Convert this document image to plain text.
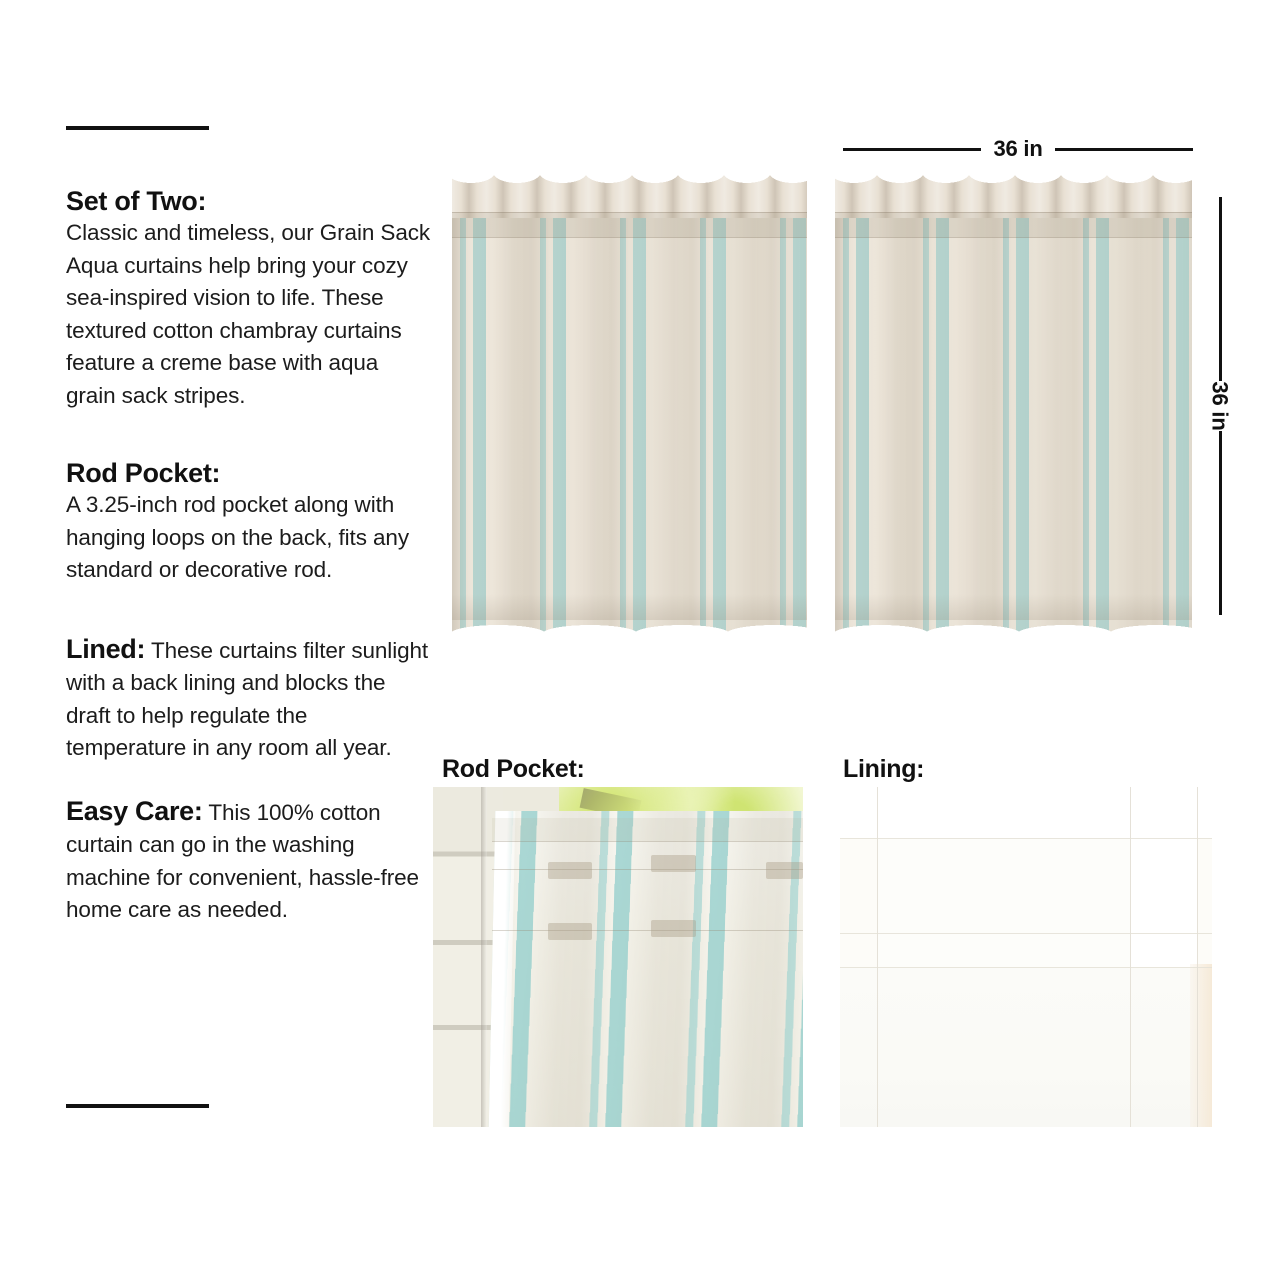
Set of Two:
Classic and timeless, our Grain Sack Aqua curtains help bring your cozy sea-inspired vision to life. These textured cotton chambray curtains feature a creme base with aqua grain sack stripes.
Rod Pocket:
A 3.25-inch rod pocket along with hanging loops on the back, fits any standard or decorative rod.
Lined: These curtains filter sunlight with a back lining and blocks the draft to help regulate the temperature in any room all year.
Easy Care: This 100% cotton curtain can go in the washing machine for convenient, hassle-free home care as needed.
36 in
36 in
Rod Pocket:	Lining:
